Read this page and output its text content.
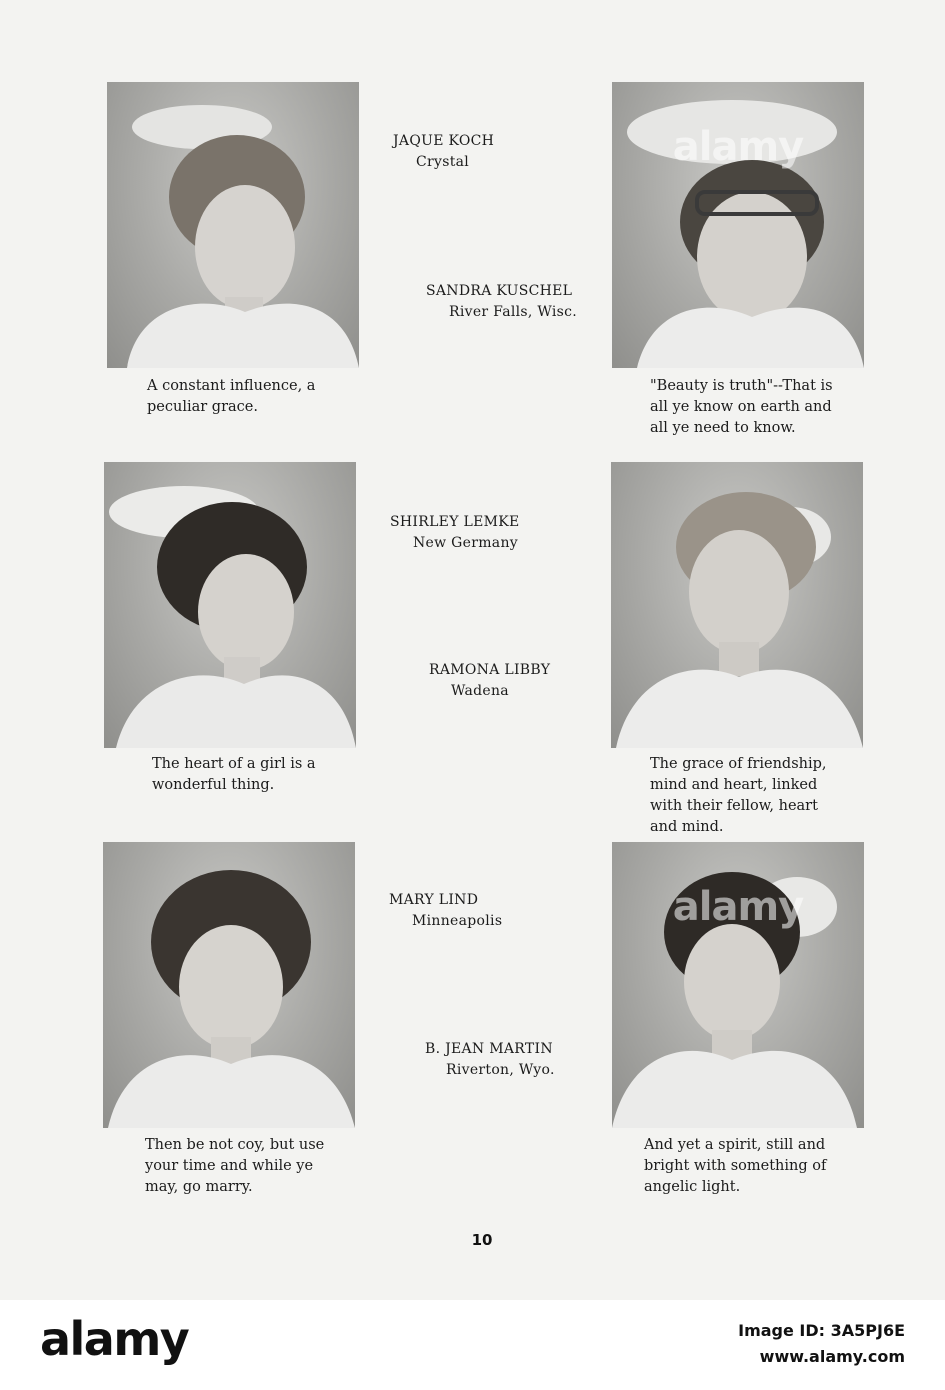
A constant influence, a
peculiar grace.

JAQUE KOCH
Crystal
SANDRA KUSCHEL
River Falls, Wisc.
alamy

"Beauty is truth"--That is
all ye know on earth and
all ye need to know.

The heart of a girl is a
wonderful thing.

SHIRLEY LEMKE
New Germany
RAMONA LIBBY
Wadena

The grace of friendship,
mind and heart, linked
with their fellow, heart
and mind.

Then be not coy, but use
your time and while ye
may, go marry.

MARY LIND
Minneapolis
B. JEAN MARTIN
Riverton, Wyo.
alamy

And yet a spirit, still and
bright with something of
angelic light.

10
alamy	Image ID: 3A5PJ6E
www.alamy.com
